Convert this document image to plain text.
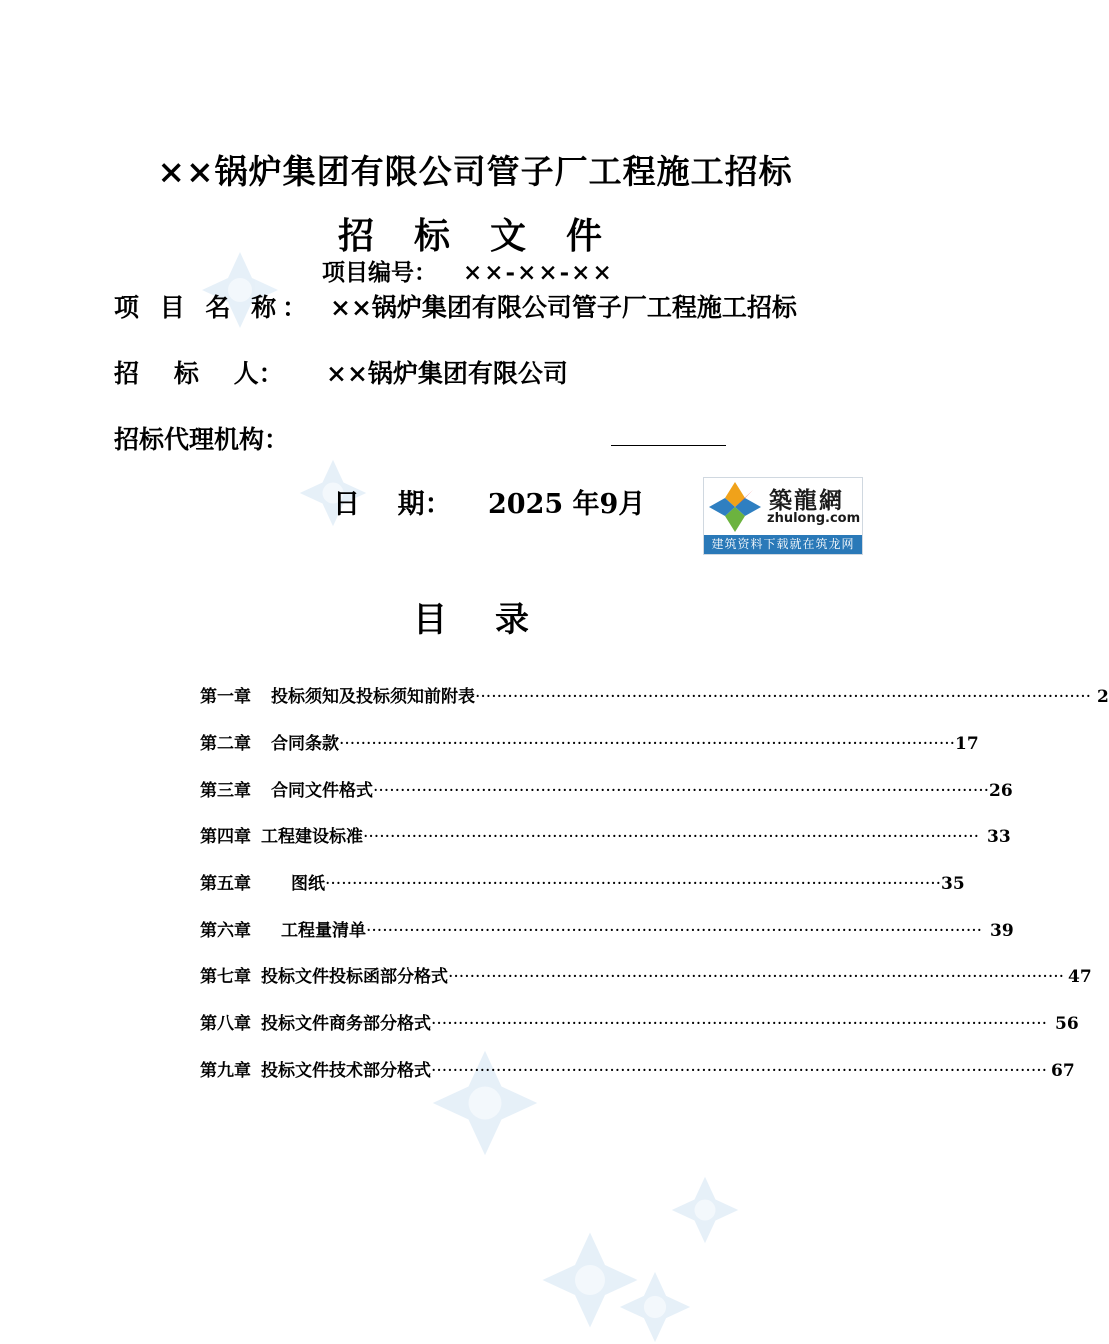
××锅炉集团有限公司管子厂工程施工招标
招标文件
项目编号： ××-××-××
项 目 名 称： ××锅炉集团有限公司管子厂工程施工招标
招    标    人： ××锅炉集团有限公司
招标代理机构：
日    期： 2025 年9月	築龍網
zhulong.com
建筑资料下载就在筑龙网
目录
第一章 投标须知及投标须知前附表 ·················································································································· 2
第二章 合同条款 ·················································································································· 17
第三章 合同文件格式 ·················································································································· 26
第四章 工程建设标准 ·················································································································· 33
第五章 图纸 ·················································································································· 35
第六章 工程量清单 ·················································································································· 39
第七章 投标文件投标函部分格式 ·················································································································· 47
第八章 投标文件商务部分格式 ·················································································································· 56
第九章 投标文件技术部分格式 ·················································································································· 67
